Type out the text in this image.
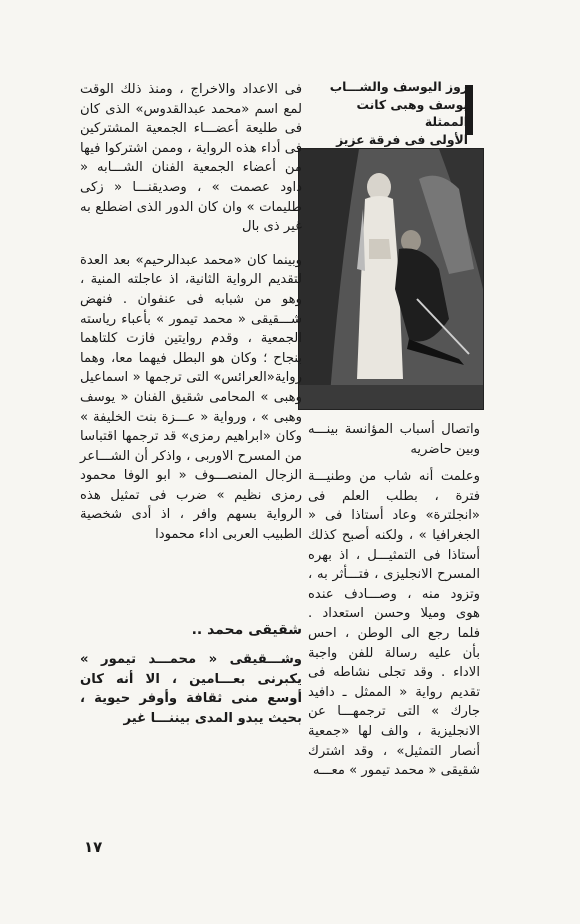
روز اليوسف والشـــاب
يوسف وهبى كانت الممثلة
الأولى فى فرقة عزيز

فى الاعداد والاخراج ، ومنذ ذلك الوقت لمع اسم «محمد عبدالقدوس» الذى كان فى طليعة أعضـــاء الجمعية المشتركين فى أداء هذه الرواية ، وممن اشتركوا فيها من أعضاء الجمعية الفنان الشـــابه « داود عصمت » ، وصديقنـــا « زكى طليمات » وان كان الدور الذى اضطلع به غير ذى بال

وبينما كان «محمد عبدالرحيم» بعد العدة لتقديم الرواية الثانية، اذ عاجلته المنية ، وهو من شبابه فى عنفوان . فنهض شـــقيقى « محمد تيمور » بأعباء رياسته الجمعية ، وقدم روايتين فازت كلتاهما بنجاح ؛ وكان هو البطل فيهما معا، وهما رواية«العرائس» التى ترجمها « اسماعيل وهبى » المحامى شقيق الفنان « يوسف وهبى » ، ورواية « عـــزة بنت الخليفة » وكان «ابراهيم رمزى» قد ترجمها اقتباسا من المسرح الاوربى ، واذكر أن الشـــاعر الزجال المنصـــوف « ابو الوفا محمود رمزى نظيم » ضرب فى تمثيل هذه الرواية بسهم وافر ، اذ أدى شخصية الطبيب العربى اداء محمودا

شقيقى محمد ..

وشـــقيقى « محمـــد تيمور » يكبرنى بعـــامين ، الا أنه كان أوسع منى ثقافة وأوفر حيوية ، بحيث يبدو المدى بيننـــا غير

واتصال أسباب المؤانسة بينـــه وبين حاضريه

وعلمت أنه شاب من وطنيـــة فترة ، بطلب العلم فى «انجلترة» وعاد أستاذا فى « الجغرافيا » ، ولكنه أصبح كذلك أستاذا فى التمثيـــل ، اذ بهره المسرح الانجليزى ، فتـــأثر به ، وتزود منه ، وصـــادف عنده هوى وميلا وحسن استعداد . فلما رجع الى الوطن ، احس بأن عليه رسالة للفن واجبة الاداء . وقد تجلى نشاطه فى تقديم رواية « الممثل ـ دافيد جارك » التى ترجمهـــا عن الانجليزية ، والف لها «جمعية أنصار التمثيل» ، وقد اشترك شقيقى « محمد تيمور » معـــه

١٧
